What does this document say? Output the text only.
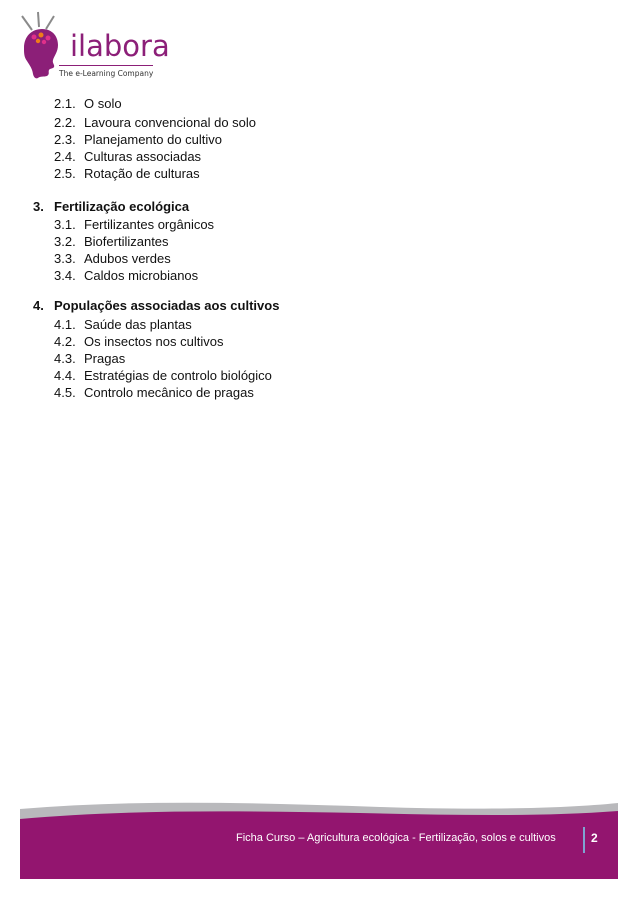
ilabora
The e-Learning Company
2.1. O solo
2.2. Lavoura convencional do solo
2.3. Planejamento do cultivo
2.4. Culturas associadas
2.5. Rotação de culturas
3. Fertilização ecológica
3.1. Fertilizantes orgânicos
3.2. Biofertilizantes
3.3. Adubos verdes
3.4. Caldos microbianos
4. Populações associadas aos cultivos
4.1. Saúde das plantas
4.2. Os insectos nos cultivos
4.3. Pragas
4.4. Estratégias de controlo biológico
4.5. Controlo mecânico de pragas
Ficha Curso – Agricultura ecológica - Fertilização, solos e cultivos	2
